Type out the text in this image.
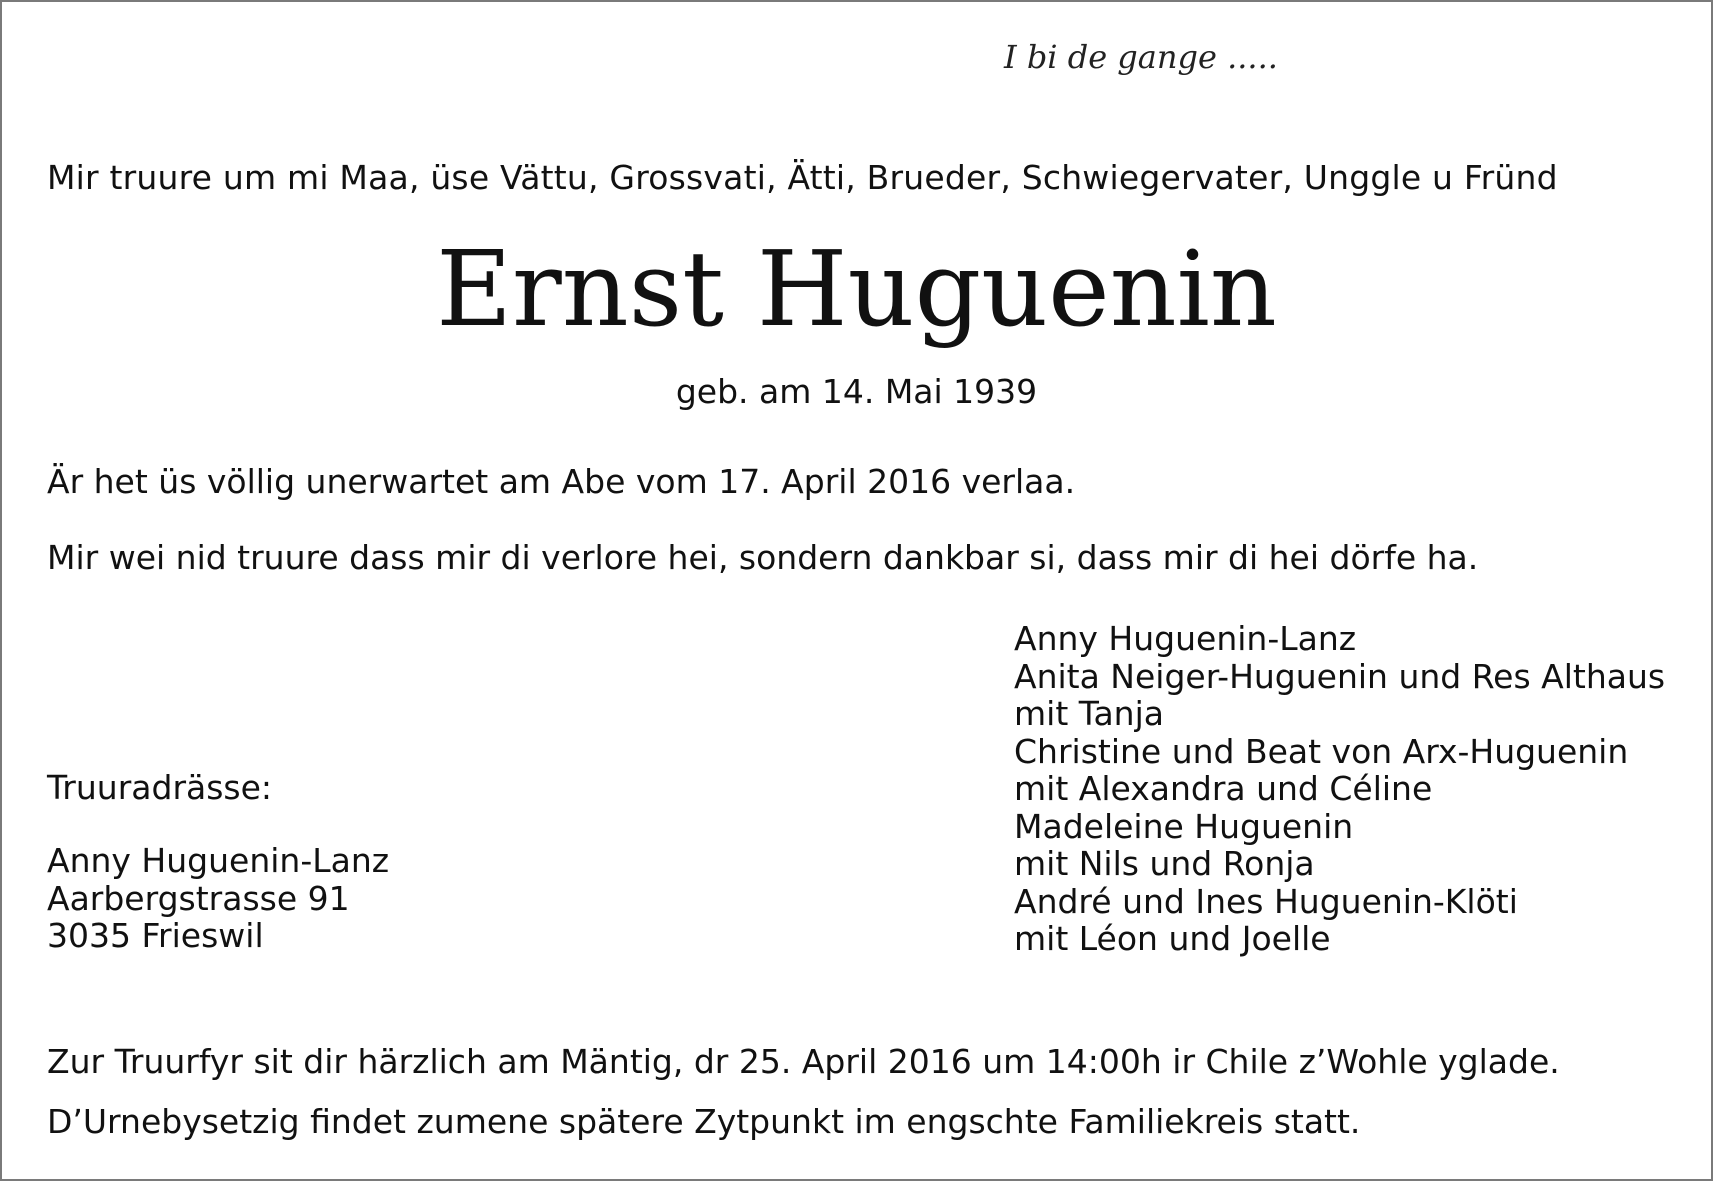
I bi de gange .....
Mir truure um mi Maa, üse Vättu, Grossvati, Ätti, Brueder, Schwiegervater, Unggle u Fründ
Ernst Huguenin
geb. am 14. Mai 1939
Är het üs völlig unerwartet am Abe vom 17. April 2016 verlaa.
Mir wei nid truure dass mir di verlore hei, sondern dankbar si, dass mir di hei dörfe ha.
Anny Huguenin-Lanz
Anita Neiger-Huguenin und Res Althaus
mit Tanja
Christine und Beat von Arx-Huguenin
mit Alexandra und Céline
Madeleine Huguenin
mit Nils und Ronja
André und Ines Huguenin-Klöti
mit Léon und Joelle
Truuradrässe:
Anny Huguenin-Lanz
Aarbergstrasse 91
3035 Frieswil
Zur Truurfyr sit dir härzlich am Mäntig, dr 25. April 2016 um 14:00h ir Chile z’Wohle yglade.
D’Urnebysetzig findet zumene spätere Zytpunkt im engschte Familiekreis statt.
